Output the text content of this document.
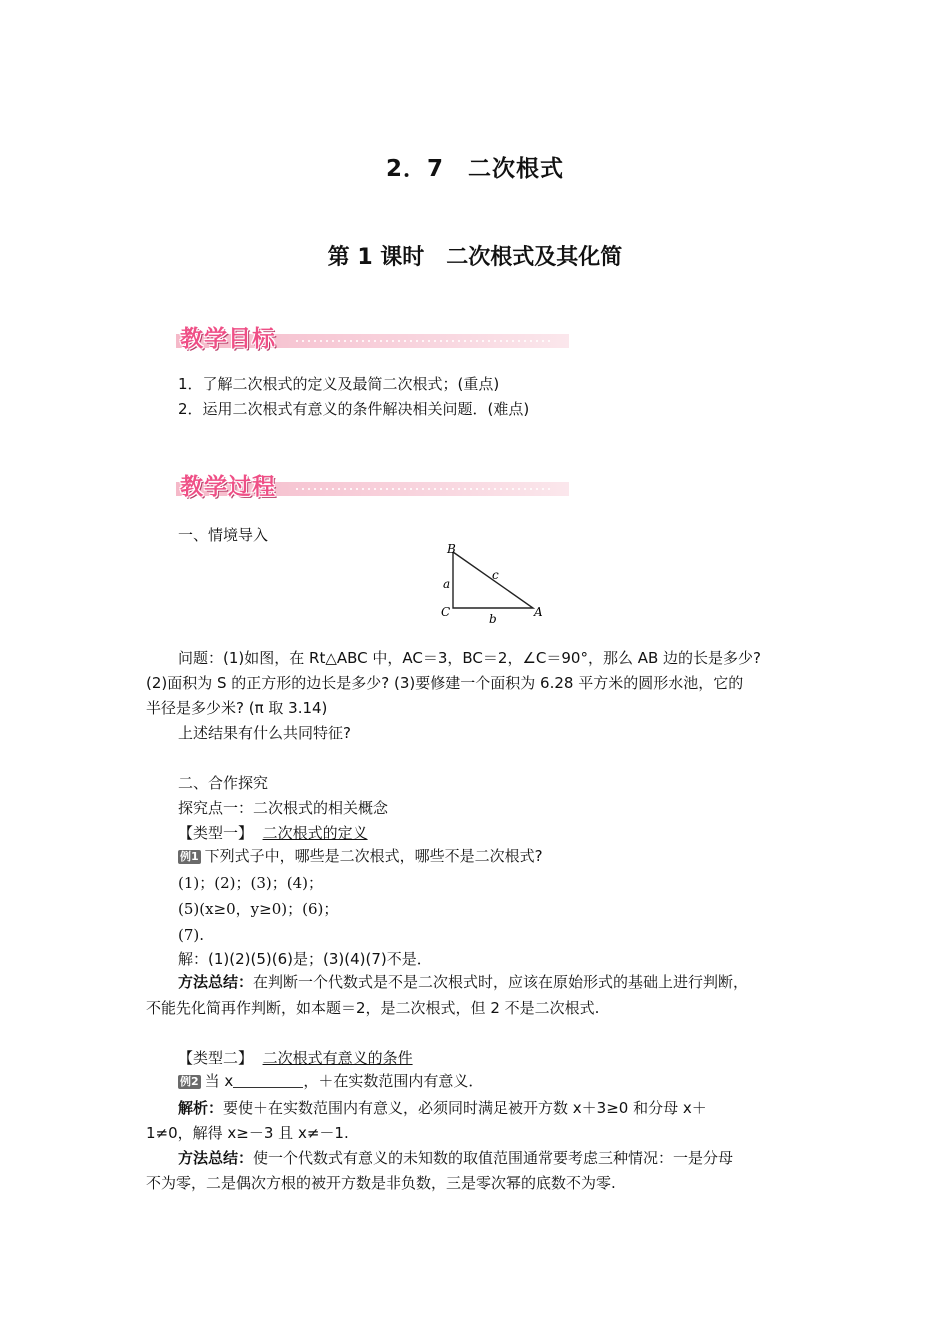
2．7　二次根式
第 1 课时　二次根式及其化简
教学目标
1．了解二次根式的定义及最简二次根式；(重点)
2．运用二次根式有意义的条件解决相关问题．(难点)
教学过程
一、情境导入
B
C	A
a
b
c
问题：(1)如图，在 Rt△ABC 中，AC＝3，BC＝2，∠C＝90°，那么 AB 边的长是多少?
(2)面积为 S 的正方形的边长是多少? (3)要修建一个面积为 6.28 平方米的圆形水池，它的
半径是多少米? (π 取 3.14)
上述结果有什么共同特征?
二、合作探究
探究点一：二次根式的相关概念
【类型一】 二次根式的定义
例1 下列式子中，哪些是二次根式，哪些不是二次根式?
(1)；(2)；(3)；(4)；
(5)(x≥0，y≥0)；(6)；
(7).
解：(1)(2)(5)(6)是；(3)(4)(7)不是．
方法总结：在判断一个代数式是不是二次根式时，应该在原始形式的基础上进行判断，
不能先化简再作判断，如本题＝2，是二次根式，但 2 不是二次根式.
【类型二】 二次根式有意义的条件
例2 当 x	，＋在实数范围内有意义．
解析：要使＋在实数范围内有意义，必须同时满足被开方数 x＋3≥0 和分母 x＋
1≠0，解得 x≥－3 且 x≠－1.
方法总结：使一个代数式有意义的未知数的取值范围通常要考虑三种情况：一是分母
不为零，二是偶次方根的被开方数是非负数，三是零次幂的底数不为零.
